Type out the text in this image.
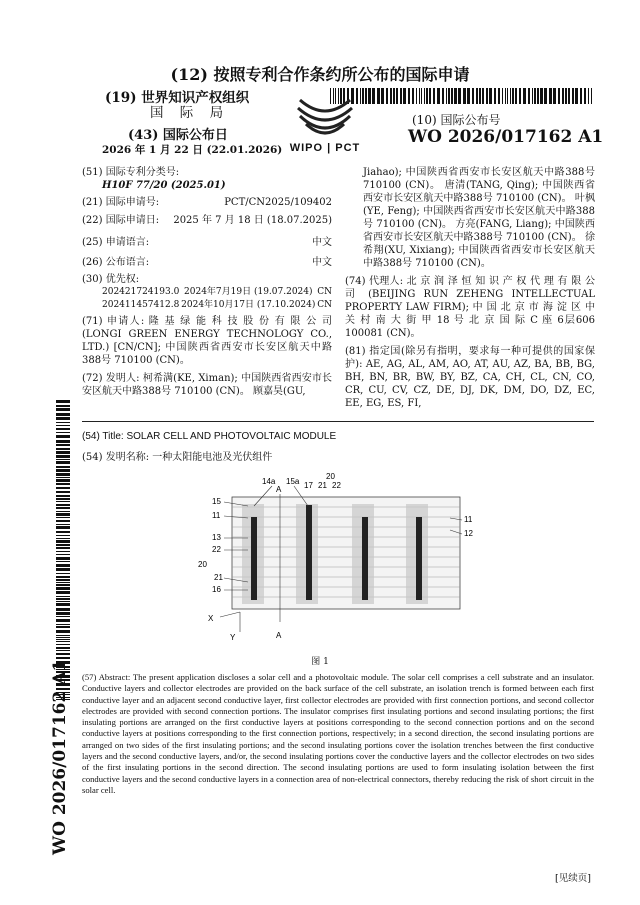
(12) 按照专利合作条约所公布的国际申请
(19) 世界知识产权组织
国 际 局
(43) 国际公布日
2026 年 1 月 22 日 (22.01.2026)
(10) 国际公布号
WO 2026/017162 A1
WIPO | PCT
(51) 国际专利分类号:
H10F 77/20 (2025.01)
(21) 国际申请号:	PCT/CN2025/109402
(22) 国际申请日: 2025 年 7 月 18 日 (18.07.2025)
(25) 申请语言:	中文
(26) 公布语言:	中文
(30) 优先权:
202421724193.0 2024年7月19日 (19.07.2024) CN
202411457412.8 2024年10月17日 (17.10.2024) CN
(71) 申请人: 隆 基 绿 能 科 技 股 份 有 限 公 司 (LONGI GREEN ENERGY TECHNOLOGY CO., LTD.) [CN/CN]; 中国陕西省西安市长安区航天中路388号 710100 (CN)。
(72) 发明人: 柯希满(KE, Ximan); 中国陕西省西安市长安区航天中路388号 710100 (CN)。 顾嘉昊(GU,
Jiahao); 中国陕西省西安市长安区航天中路388号 710100 (CN)。 唐清(TANG, Qing); 中国陕西省西安市长安区航天中路388号 710100 (CN)。 叶枫(YE, Feng); 中国陕西省西安市长安区航天中路388号 710100 (CN)。 方亮(FANG, Liang); 中国陕西省西安市长安区航天中路388号 710100 (CN)。 徐希翔(XU, Xixiang); 中国陕西省西安市长安区航天中路388号 710100 (CN)。
(74) 代理人: 北 京 润 泽 恒 知 识 产 权 代 理 有 限 公 司 (BEIJING RUN ZEHENG INTELLECTUAL PROPERTY LAW FIRM); 中 国 北 京 市 海 淀 区 中 关 村 南 大 街 甲 18 号 北 京 国 际 C 座 6层606 100081 (CN)。
(81) 指定国(除另有指明，要求每一种可提供的国家保护): AE, AG, AL, AM, AO, AT, AU, AZ, BA, BB, BG, BH, BN, BR, BW, BY, BZ, CA, CH, CL, CN, CO, CR, CU, CV, CZ, DE, DJ, DK, DM, DO, DZ, EC, EE, EG, ES, FI,
(54) Title: SOLAR CELL AND PHOTOVOLTAIC MODULE
(54) 发明名称: 一种太阳能电池及光伏组件
14a 15a 17 21 22
20
A
15
11
13
22
20
21
16
11
12
X
Y	A
图 1
(57) Abstract: The present application discloses a solar cell and a photovoltaic module. The solar cell comprises a cell substrate and an insulator. Conductive layers and collector electrodes are provided on the back surface of the cell substrate, an isolation trench is formed between each first conductive layer and an adjacent second conductive layer, first collector electrodes are provided with first connection portions, and second collector electrodes are provided with second connection portions. The insulator comprises first insulating portions and second insulating portions; the first insulating portions are arranged on the first conductive layers at positions corresponding to the second connection portions and on the second conductive layers at positions corresponding to the first connection portions, respectively; in a second direction, the second insulating portions are arranged on two sides of the first insulating portions; and the second insulating portions cover the isolation trenches between the first conductive layers and the second conductive layers, and/or, the second insulating portions cover the conductive layers and the collector electrodes on two sides of the first insulating portions in the second direction. The second insulating portions are used to form insulating isolation between the first conductive layers and the second conductive layers in a connection area of non-electrical connectors, thereby reducing the risk of short circuit in the solar cell.
WO 2026/017162 A1
[见续页]
